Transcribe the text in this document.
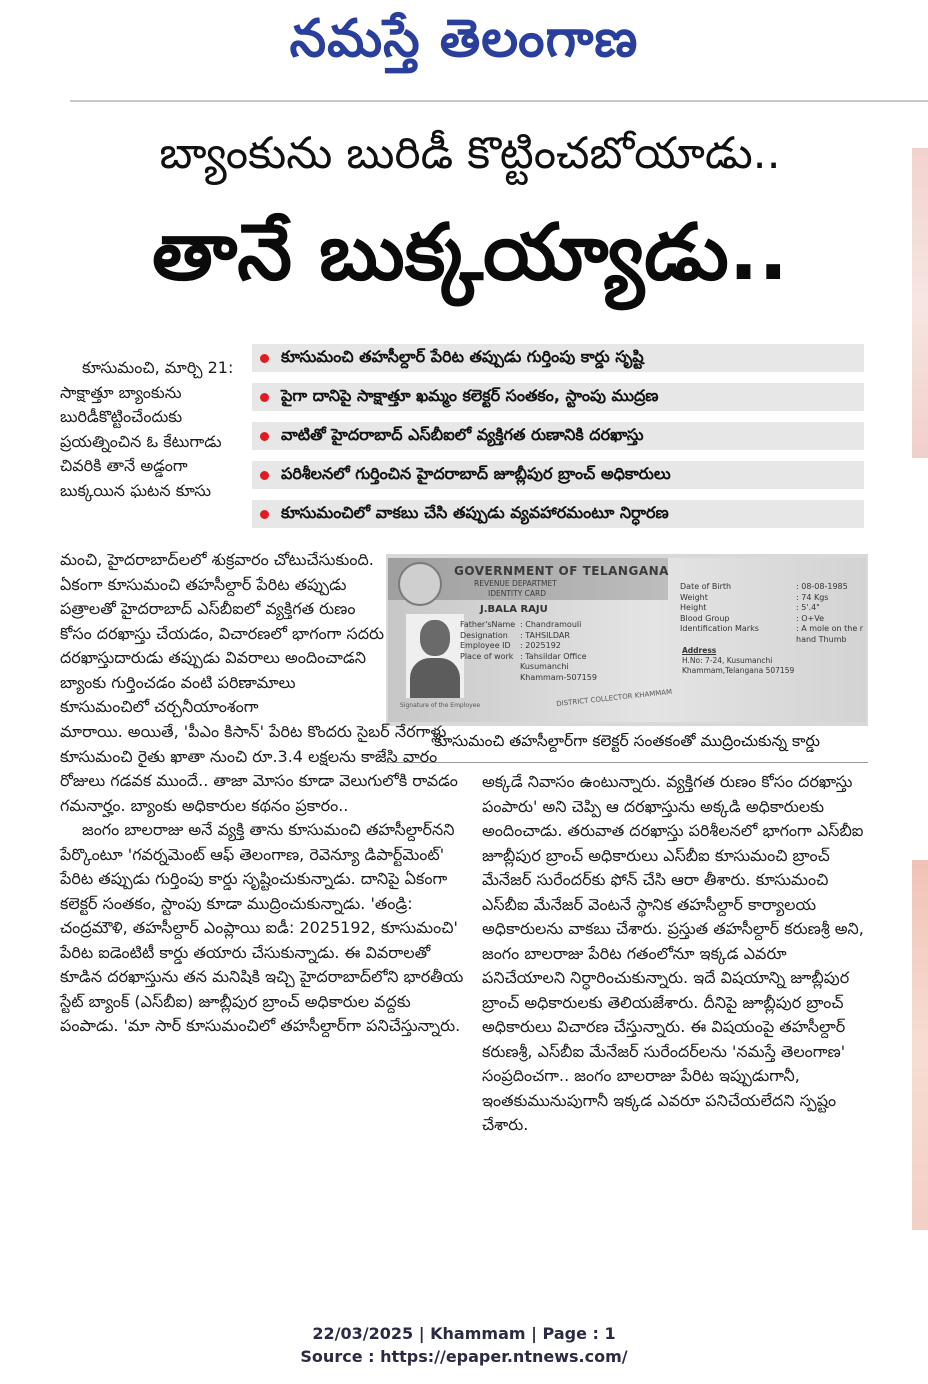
నమస్తే తెలంగాణ
బ్యాంకును బురిడీ కొట్టించబోయాడు..
తానే బుక్కయ్యాడు..
కూసుమంచి తహసీల్దార్ పేరిట తప్పుడు గుర్తింపు కార్డు సృష్టి
పైగా దానిపై సాక్షాత్తూ ఖమ్మం కలెక్టర్ సంతకం, స్టాంపు ముద్రణ
వాటితో హైదరాబాద్ ఎస్‌బీఐలో వ్యక్తిగత రుణానికి దరఖాస్తు
పరిశీలనలో గుర్తించిన హైదరాబాద్ జూబ్లీపుర బ్రాంచ్ అధికారులు
కూసుమంచిలో వాకబు చేసి తప్పుడు వ్యవహారమంటూ నిర్ధారణ

కూసుమంచి, మార్చి 21: సాక్షాత్తూ బ్యాంకును బురిడీకొట్టించేందుకు ప్రయత్నించిన ఓ కేటుగాడు చివరికి తానే అడ్డంగా బుక్కయిన ఘటన కూసు

మంచి, హైదరాబాద్‌లలో శుక్రవారం చోటుచేసుకుంది. ఏకంగా కూసుమంచి తహసీల్దార్ పేరిట తప్పుడు పత్రాలతో హైదరాబాద్ ఎస్‌బీఐలో వ్యక్తిగత రుణం కోసం దరఖాస్తు చేయడం, విచారణలో భాగంగా సదరు దరఖాస్తుదారుడు తప్పుడు వివరాలు అందించాడని బ్యాంకు గుర్తించడం వంటి పరిణామాలు కూసుమంచిలో చర్చనీయాంశంగా

GOVERNMENT OF TELANGANA
REVENUE DEPARTMET
IDENTITY CARD
J.BALA RAJU
Signature of the Employee
Father'sName
Designation
Employee ID
Place of work
: Chandramouli
: TAHSILDAR
: 2025192
: Tahsildar Office
Kusumanchi
Khammam-507159
Date of Birth
Weight
Height
Blood Group
Identification Marks
: 08-08-1985
: 74 Kgs
: 5'.4"
: O+Ve
: A mole on the r
hand Thumb
Address
H.No: 7-24, Kusumanchi
Khammam,Telangana 507159
DISTRICT COLLECTOR KHAMMAM
కూసుమంచి తహసీల్దార్‌గా కలెక్టర్ సంతకంతో ముద్రించుకున్న కార్డు

మారాయి. అయితే, 'పీఎం కిసాన్' పేరిట కొందరు సైబర్ నేరగాళ్లు కూసుమంచి రైతు ఖాతా నుంచి రూ.3.4 లక్షలను కాజేసి వారం రోజులు గడవక ముందే.. తాజా మోసం కూడా వెలుగులోకి రావడం గమనార్హం. బ్యాంకు అధికారుల కథనం ప్రకారం..

జంగం బాలరాజు అనే వ్యక్తి తాను కూసుమంచి తహసీల్దార్‌నని పేర్కొంటూ 'గవర్నమెంట్ ఆఫ్ తెలంగాణ, రెవెన్యూ డిపార్ట్‌మెంట్' పేరిట తప్పుడు గుర్తింపు కార్డు సృష్టించుకున్నాడు. దానిపై ఏకంగా కలెక్టర్ సంతకం, స్టాంపు కూడా ముద్రించుకున్నాడు. 'తండ్రి: చంద్రమౌళి, తహసీల్దార్ ఎంప్లాయి ఐడీ: 2025192, కూసుమంచి' పేరిట ఐడెంటిటీ కార్డు తయారు చేసుకున్నాడు. ఈ వివరాలతో కూడిన దరఖాస్తును తన మనిషికి ఇచ్చి హైదరాబాద్‌లోని భారతీయ స్టేట్ బ్యాంక్ (ఎస్‌బీఐ) జూబ్లీపుర బ్రాంచ్ అధికారుల వద్దకు పంపాడు. 'మా సార్ కూసుమంచిలో తహసీల్దార్‌గా పనిచేస్తున్నారు.

అక్కడే నివాసం ఉంటున్నారు. వ్యక్తిగత రుణం కోసం దరఖాస్తు పంపారు' అని చెప్పి ఆ దరఖాస్తును అక్కడి అధికారులకు అందించాడు. తరువాత దరఖాస్తు పరిశీలనలో భాగంగా ఎస్‌బీఐ జూబ్లీపుర బ్రాంచ్ అధికారులు ఎస్‌బీఐ కూసుమంచి బ్రాంచ్ మేనేజర్ సురేందర్‌కు ఫోన్ చేసి ఆరా తీశారు. కూసుమంచి ఎస్‌బీఐ మేనేజర్ వెంటనే స్థానిక తహసీల్దార్ కార్యాలయ అధికారులను వాకబు చేశారు. ప్రస్తుత తహసీల్దార్ కరుణశ్రీ అని, జంగం బాలరాజు పేరిట గతంలోనూ ఇక్కడ ఎవరూ పనిచేయాలని నిర్ధారించుకున్నారు. ఇదే విషయాన్ని జూబ్లీపుర బ్రాంచ్ అధికారులకు తెలియజేశారు. దీనిపై జూబ్లీపుర బ్రాంచ్ అధికారులు విచారణ చేస్తున్నారు. ఈ విషయంపై తహసీల్దార్ కరుణశ్రీ, ఎస్‌బీఐ మేనేజర్ సురేందర్‌లను 'నమస్తే తెలంగాణ' సంప్రదించగా.. జంగం బాలరాజు పేరిట ఇప్పుడుగానీ, ఇంతకుమునుపుగానీ ఇక్కడ ఎవరూ పనిచేయలేదని స్పష్టం చేశారు.

22/03/2025 | Khammam | Page : 1
Source : https://epaper.ntnews.com/
